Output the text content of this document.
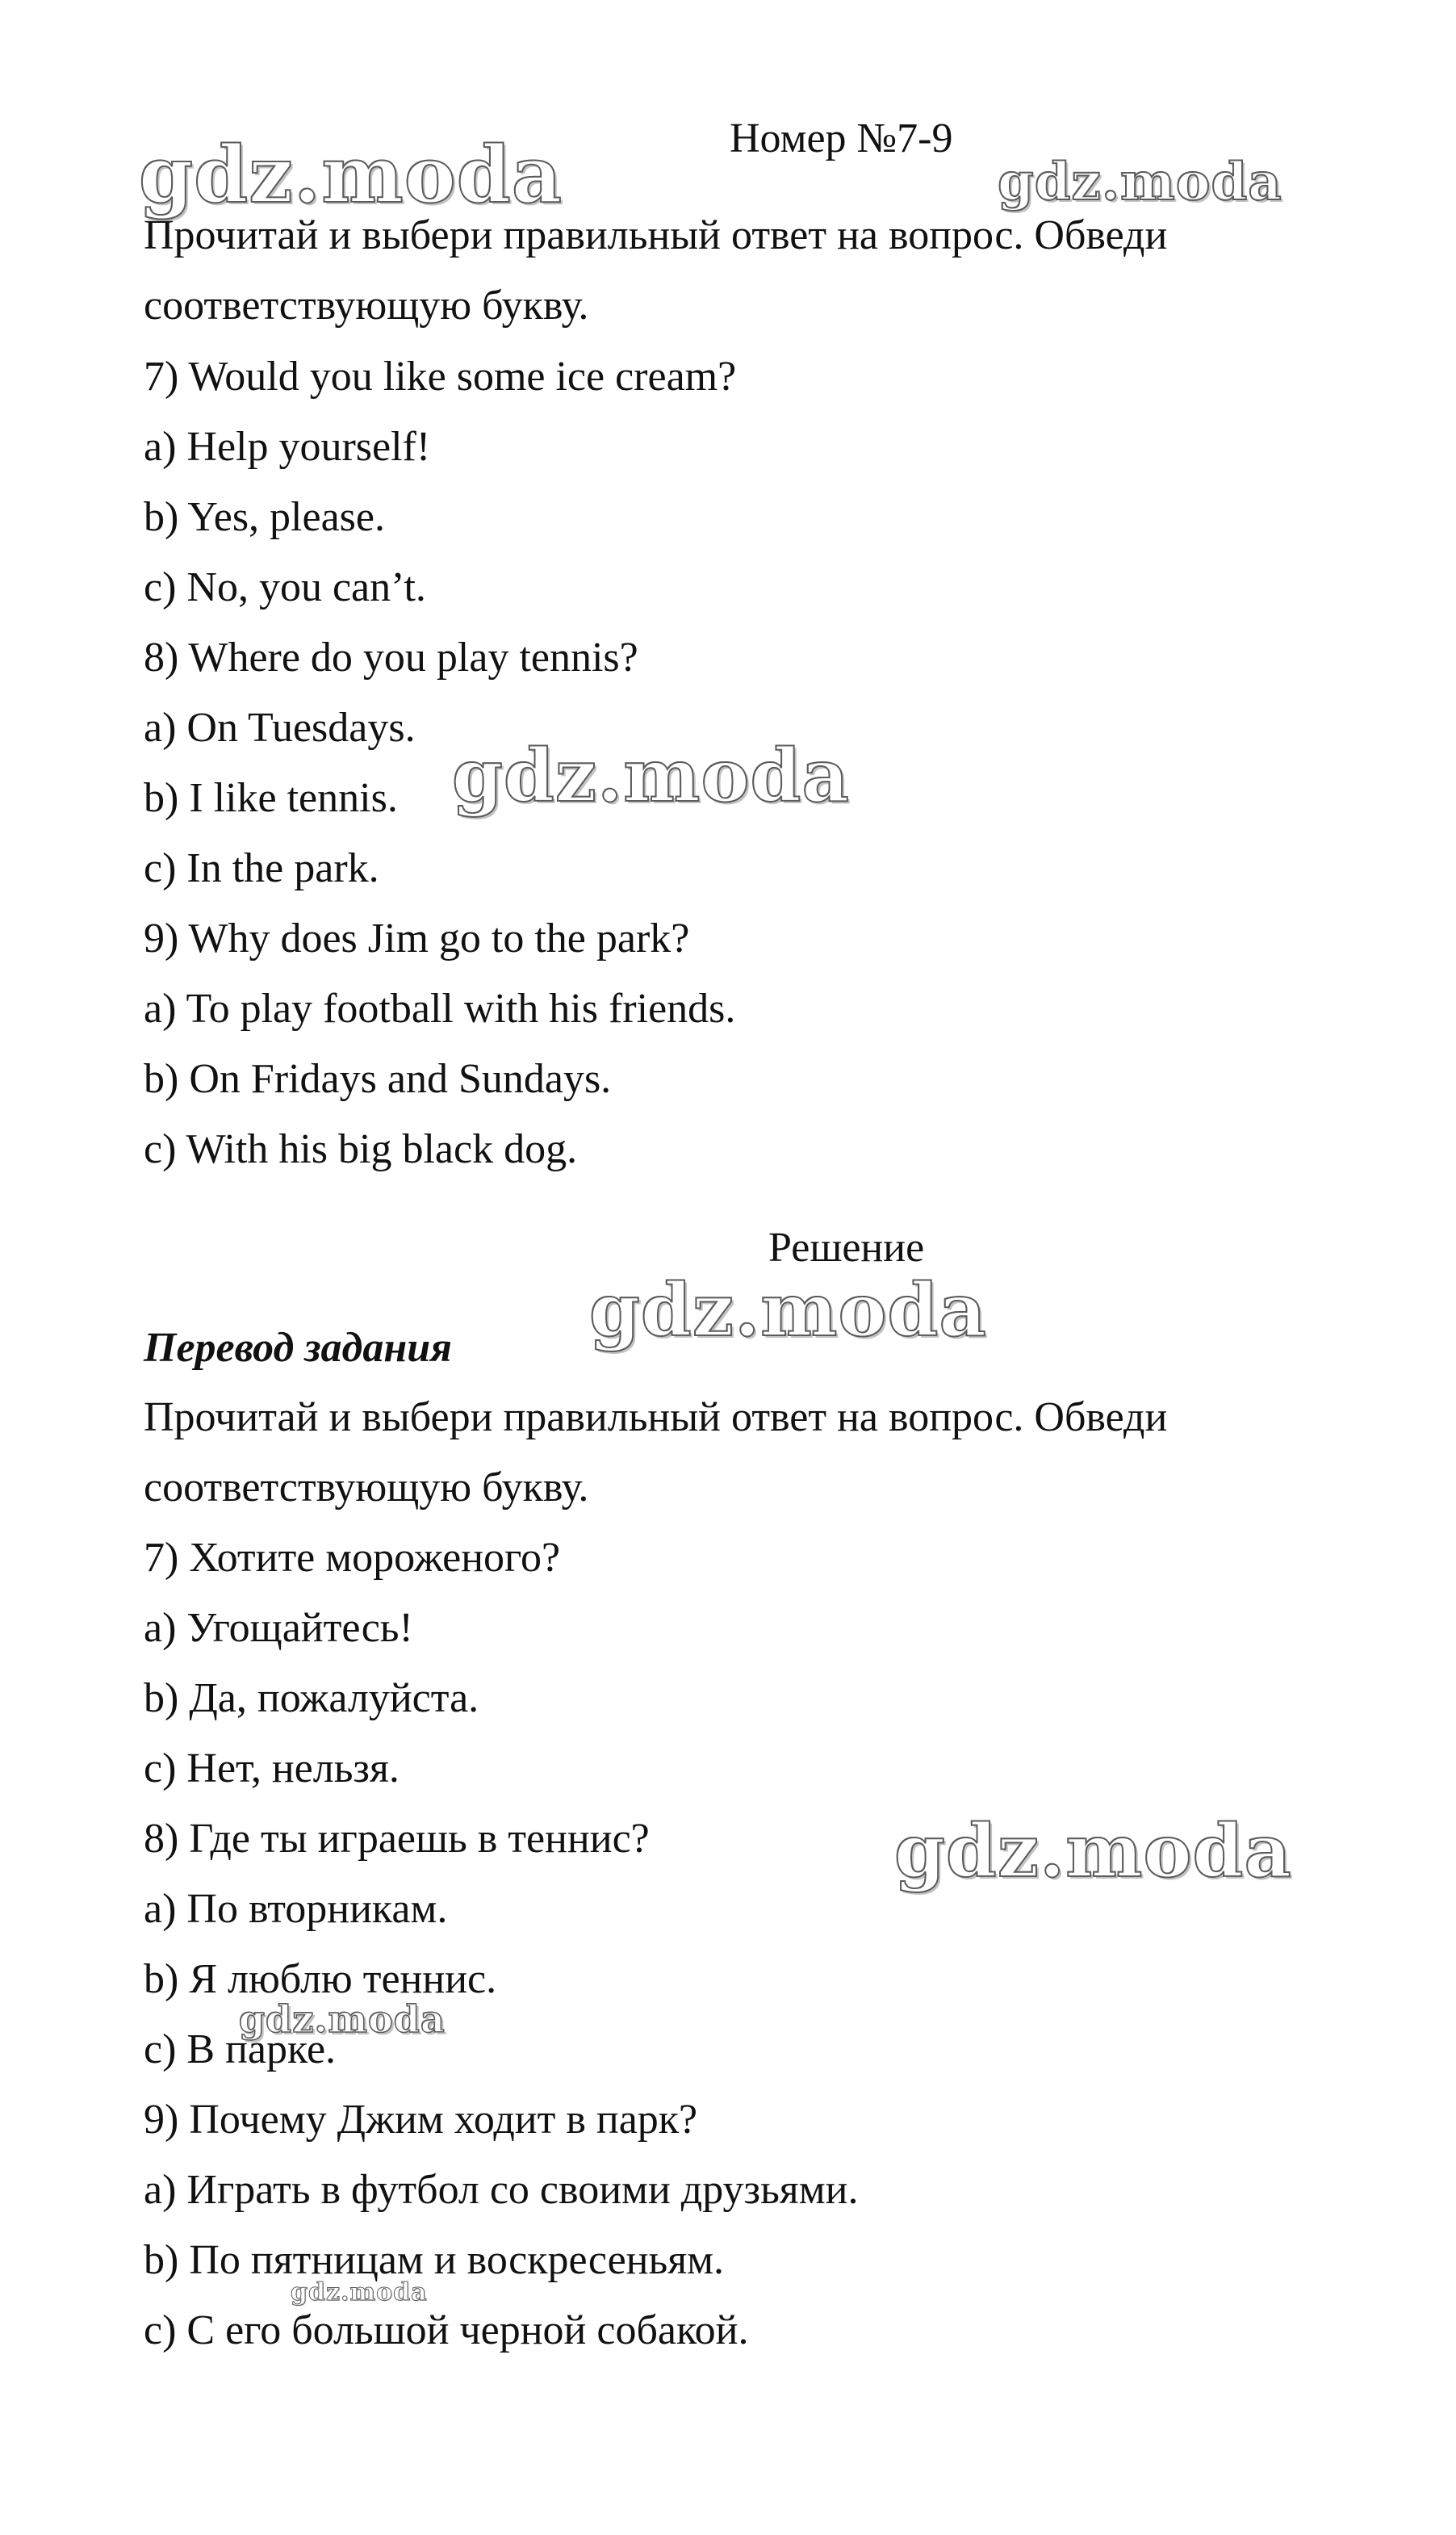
gdz.moda	gdz.moda
gdz.moda
gdz.moda
gdz.moda
gdz.moda
gdz.moda
Номер №7-9
Прочитай и выбери правильный ответ на вопрос. Обведи
соответствующую букву.
7) Would you like some ice cream?
a) Help yourself!
b) Yes, please.
c) No, you can’t.
8) Where do you play tennis?
a) On Tuesdays.
b) I like tennis.
c) In the park.
9) Why does Jim go to the park?
a) To play football with his friends.
b) On Fridays and Sundays.
c) With his big black dog.
Решение
Перевод задания
Прочитай и выбери правильный ответ на вопрос. Обведи
соответствующую букву.
7) Хотите мороженого?
a) Угощайтесь!
b) Да, пожалуйста.
c) Нет, нельзя.
8) Где ты играешь в теннис?
a) По вторникам.
b) Я люблю теннис.
c) В парке.
9) Почему Джим ходит в парк?
a) Играть в футбол со своими друзьями.
b) По пятницам и воскресеньям.
c) С его большой черной собакой.
